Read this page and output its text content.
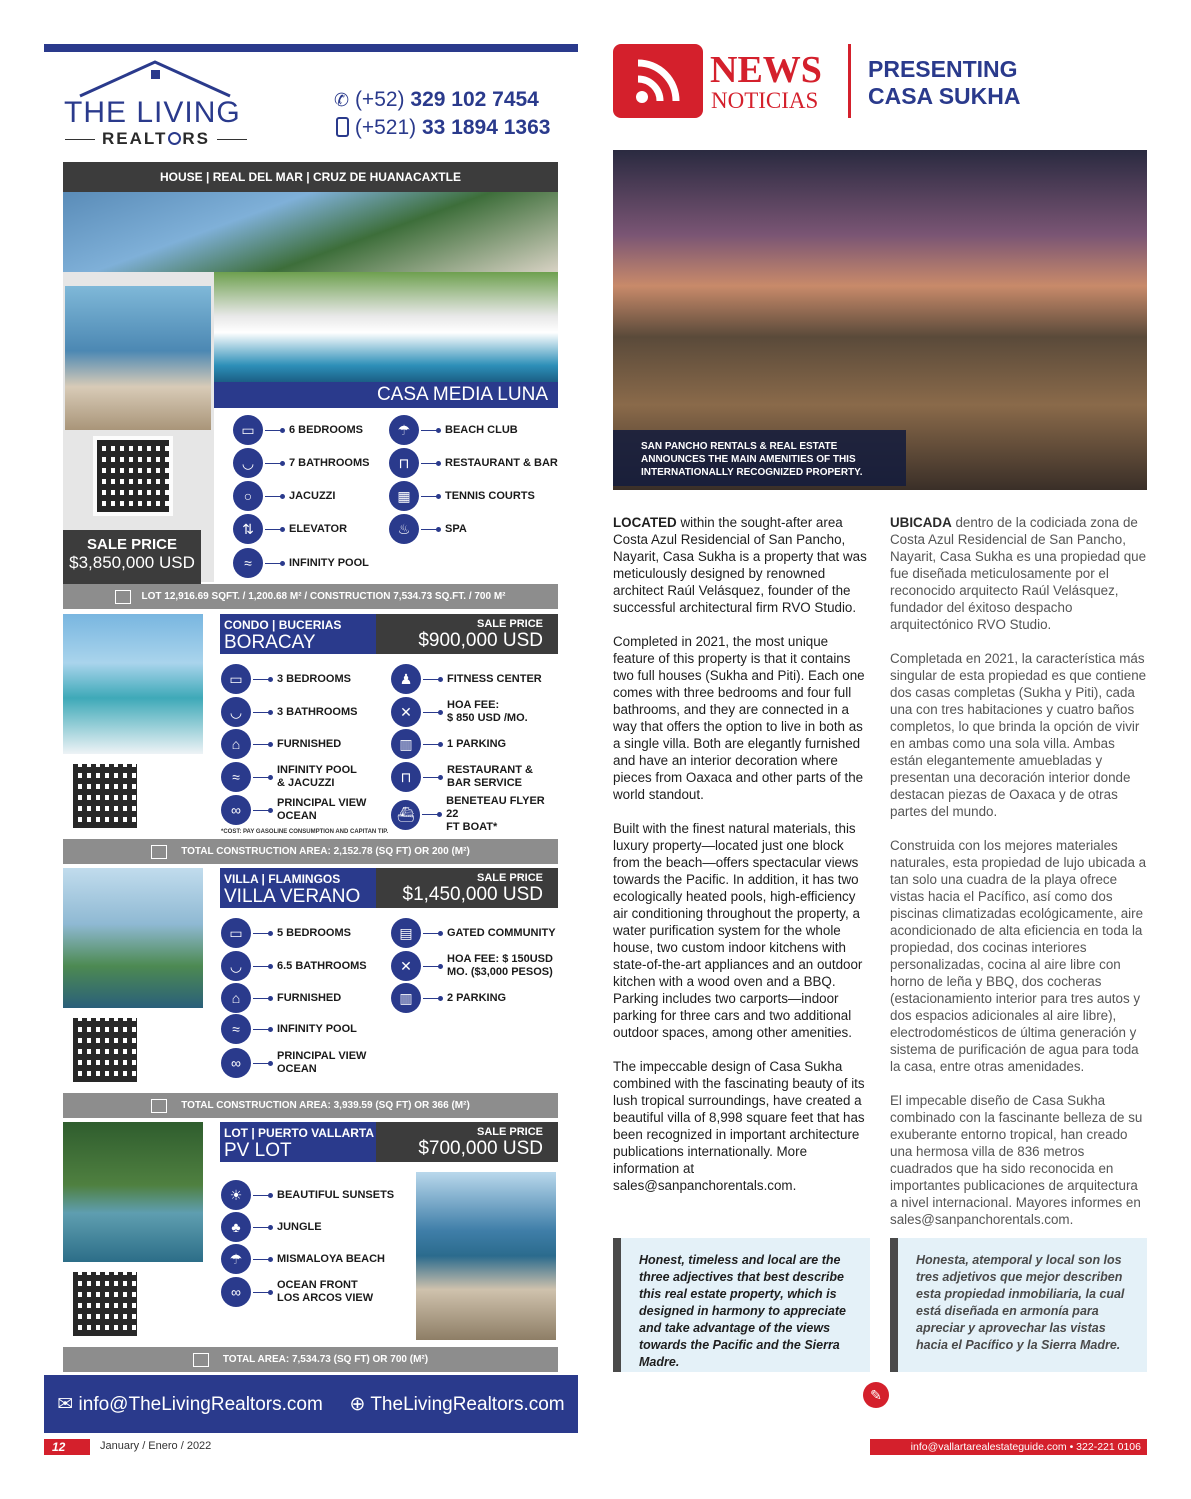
THE LIVING
REALT RS
✆ (+52) 329 102 7454
(+521) 33 1894 1363
HOUSE | REAL DEL MAR | CRUZ DE HUANACAXTLE
SALE PRICE
$3,850,000 USD
CASA MEDIA LUNA
▭	6 BEDROOMS
◡	7 BATHROOMS
○	JACUZZI
⇅	ELEVATOR
≈	INFINITY POOL
☂	BEACH CLUB
⊓	RESTAURANT & BAR
▦	TENNIS COURTS
♨	SPA
LOT 12,916.69 SQFT. / 1,200.68 M² / CONSTRUCTION 7,534.73 SQ.FT. / 700 M²
CONDO | BUCERIAS
BORACAY
SALE PRICE
$900,000 USD
▭	3 BEDROOMS
◡	3 BATHROOMS
⌂	FURNISHED
≈	INFINITY POOL
& JACUZZI
∞	PRINCIPAL VIEW
OCEAN
♟	FITNESS CENTER
✕	HOA FEE:
$ 850 USD /MO.
▥	1 PARKING
⊓	RESTAURANT &
BAR SERVICE
⛴
BENETEAU FLYER 22
FT BOAT*
*COST: PAY GASOLINE CONSUMPTION AND CAPITAN TIP.
TOTAL CONSTRUCTION AREA: 2,152.78 (SQ FT) OR 200 (M²)
VILLA | FLAMINGOS
VILLA VERANO
SALE PRICE
$1,450,000 USD
▭	5 BEDROOMS
◡	6.5 BATHROOMS
⌂	FURNISHED
≈	INFINITY POOL
∞	PRINCIPAL VIEW
OCEAN
▤	GATED COMMUNITY
✕	HOA FEE: $ 150USD
MO. ($3,000 PESOS)
▥	2 PARKING
TOTAL CONSTRUCTION AREA: 3,939.59 (SQ FT) OR 366 (M²)
LOT | PUERTO VALLARTA
PV LOT
SALE PRICE
$700,000 USD
☀	BEAUTIFUL SUNSETS
♣	JUNGLE
☂	MISMALOYA BEACH
∞	OCEAN FRONT
LOS ARCOS VIEW
TOTAL AREA: 7,534.73 (SQ FT) OR 700 (M²)
✉ info@TheLivingRealtors.com ⊕ TheLivingRealtors.com
12	January / Enero / 2022
NEWS
NOTICIAS
PRESENTING
CASA SUKHA
SAN PANCHO RENTALS & REAL ESTATE ANNOUNCES THE MAIN AMENITIES OF THIS INTERNATIONALLY RECOGNIZED PROPERTY.

LOCATED within the sought-after area Costa Azul Residencial of San Pancho, Nayarit, Casa Sukha is a property that was meticulously designed by renowned architect Raúl Velásquez, founder of the successful architectural firm RVO Studio.

Completed in 2021, the most unique feature of this property is that it contains two full houses (Sukha and Piti). Each one comes with three bedrooms and four full bathrooms, and they are connected in a way that offers the option to live in both as a single villa. Both are elegantly furnished and have an interior decoration where pieces from Oaxaca and other parts of the world standout.

Built with the finest natural materials, this luxury property—located just one block from the beach—offers spectacular views towards the Pacific. In addition, it has two ecologically heated pools, high-efficiency air conditioning throughout the property, a water purification system for the whole house, two custom indoor kitchens with state-of-the-art appliances and an outdoor kitchen with a wood oven and a BBQ. Parking includes two carports—indoor parking for three cars and two additional outdoor spaces, among other amenities.

The impeccable design of Casa Sukha combined with the fascinating beauty of its lush tropical surroundings, have created a beautiful villa of 8,998 square feet that has been recognized in important architecture publications internationally. More information at sales@sanpanchorentals.com.

UBICADA dentro de la codiciada zona de Costa Azul Residencial de San Pancho, Nayarit, Casa Sukha es una propiedad que fue diseñada meticulosamente por el reconocido arquitecto Raúl Velásquez, fundador del éxitoso despacho arquitectónico RVO Studio.

Completada en 2021, la característica más singular de esta propiedad es que contiene dos casas completas (Sukha y Piti), cada una con tres habitaciones y cuatro baños completos, lo que brinda la opción de vivir en ambas como una sola villa. Ambas están elegantemente amuebladas y presentan una decoración interior donde destacan piezas de Oaxaca y de otras partes del mundo.

Construida con los mejores materiales naturales, esta propiedad de lujo ubicada a tan solo una cuadra de la playa ofrece vistas hacia el Pacífico, así como dos piscinas climatizadas ecológicamente, aire acondicionado de alta eficiencia en toda la propiedad, dos cocinas interiores personalizadas, cocina al aire libre con horno de leña y BBQ, dos cocheras (estacionamiento interior para tres autos y dos espacios adicionales al aire libre), electrodomésticos de última generación y sistema de purificación de agua para toda la casa, entre otras amenidades.

El impecable diseño de Casa Sukha combinado con la fascinante belleza de su exuberante entorno tropical, han creado una hermosa villa de 836 metros cuadrados que ha sido reconocida en importantes publicaciones de arquitectura a nivel internacional. Mayores informes en sales@sanpanchorentals.com.

Honest, timeless and local are the three adjectives that best describe this real estate property, which is designed in harmony to appreciate and take advantage of the views towards the Pacific and the Sierra Madre.
Honesta, atemporal y local son los tres adjetivos que mejor describen esta propiedad inmobiliaria, la cual está diseñada en armonía para apreciar y aprovechar las vistas hacia el Pacífico y la Sierra Madre.
✎
info@vallartarealestateguide.com • 322-221 0106
